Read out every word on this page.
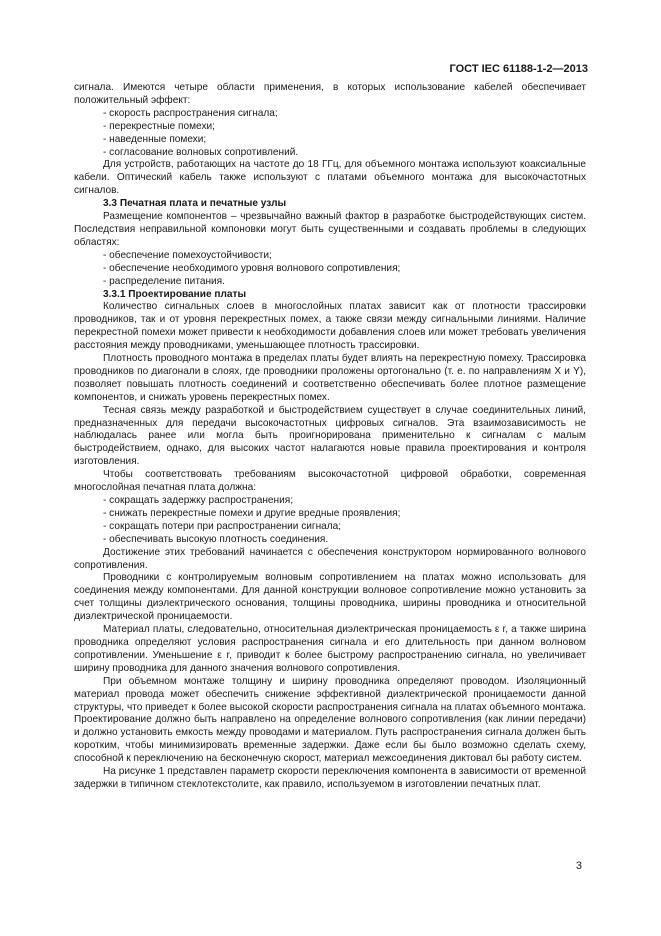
ГОСТ IEC 61188-1-2—2013

сигнала. Имеются четыре области применения, в которых использование кабелей обеспечивает положительный эффект:

- скорость распространения сигнала;

- перекрестные помехи;

- наведенные помехи;

- согласование волновых сопротивлений.

Для устройств, работающих на частоте до 18 ГГц, для объемного монтажа используют коаксиальные кабели. Оптический кабель также используют с платами объемного монтажа для высокочастотных сигналов.

3.3 Печатная плата и печатные узлы

Размещение компонентов – чрезвычайно важный фактор в разработке быстродействующих систем. Последствия неправильной компоновки могут быть существенными и создавать проблемы в следующих областях:

- обеспечение помехоустойчивости;

- обеспечение необходимого уровня волнового сопротивления;

- распределение питания.

3.3.1 Проектирование платы

Количество сигнальных слоев в многослойных платах зависит как от плотности трассировки проводников, так и от уровня перекрестных помех, а также связи между сигнальными линиями. Наличие перекрестной помехи может привести к необходимости добавления слоев или может требовать увеличения расстояния между проводниками, уменьшающее плотность трассировки.

Плотность проводного монтажа в пределах платы будет влиять на перекрестную помеху. Трассировка проводников по диагонали в слоях, где проводники проложены ортогонально (т. е. по направлениям X и Y), позволяет повышать плотность соединений и соответственно обеспечивать более плотное размещение компонентов, и снижать уровень перекрестных помех.

Тесная связь между разработкой и быстродействием существует в случае соединительных линий, предназначенных для передачи высокочастотных цифровых сигналов. Эта взаимозависимость не наблюдалась ранее или могла быть проигнорирована применительно к сигналам с малым быстродействием, однако, для высоких частот налагаются новые правила проектирования и контроля изготовления.

Чтобы соответствовать требованиям высокочастотной цифровой обработки, современная многослойная печатная плата должна:

- сокращать задержку распространения;

- снижать перекрестные помехи и другие вредные проявления;

- сокращать потери при распространении сигнала;

- обеспечивать высокую плотность соединения.

Достижение этих требований начинается с обеспечения конструктором нормированного волнового сопротивления.

Проводники с контролируемым волновым сопротивлением на платах можно использовать для соединения между компонентами. Для данной конструкции волновое сопротивление можно установить за счет толщины диэлектрического основания, толщины проводника, ширины проводника и относительной диэлектрической проницаемости.

Материал платы, следовательно, относительная диэлектрическая проницаемость ε r, а также ширина проводника определяют условия распространения сигнала и его длительность при данном волновом сопротивлении. Уменьшение ε r, приводит к более быстрому распространению сигнала, но увеличивает ширину проводника для данного значения волнового сопротивления.

При объемном монтаже толщину и ширину проводника определяют проводом. Изоляционный материал провода может обеспечить снижение эффективной диэлектрической проницаемости данной структуры, что приведет к более высокой скорости распространения сигнала на платах объемного монтажа. Проектирование должно быть направлено на определение волнового сопротивления (как линии передачи) и должно установить емкость между проводами и материалом. Путь распространения сигнала должен быть коротким, чтобы минимизировать временные задержки. Даже если бы было возможно сделать схему, способной к переключению на бесконечную скорост, материал межсоединения диктовал бы работу систем.

На рисунке 1 представлен параметр скорости переключения компонента в зависимости от временной задержки в типичном стеклотекстолите, как правило, используемом в изготовлении печатных плат.

3
